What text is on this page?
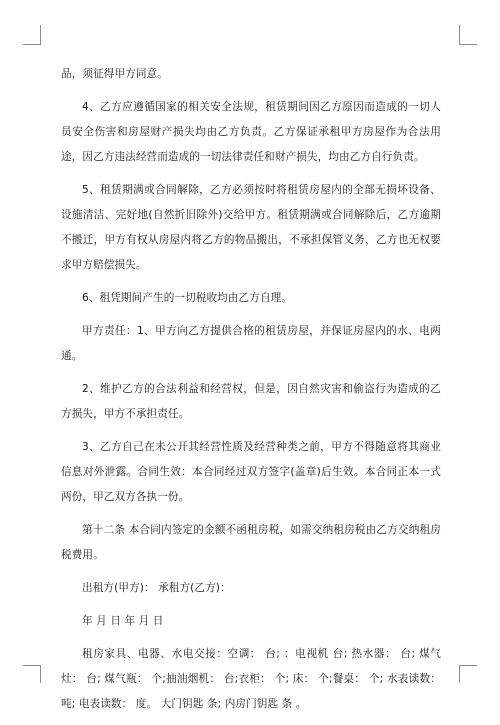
品，须征得甲方同意。

4、乙方应遵循国家的相关安全法规，租赁期间因乙方原因而造成的一切人员安全伤害和房屋财产损失均由乙方负责。乙方保证承租甲方房屋作为合法用途，因乙方违法经营而造成的一切法律责任和财产损失，均由乙方自行负责。

5、租赁期满或合同解除，乙方必须按时将租赁房屋内的全部无损坏设备、设施清洁、完好地(自然折旧除外)交给甲方。租赁期满或合同解除后，乙方逾期不搬迁，甲方有权从房屋内将乙方的物品搬出，不承担保管义务，乙方也无权要求甲方赔偿损失。

6、租凭期间产生的一切税收均由乙方自理。

甲方责任：1、甲方向乙方提供合格的租赁房屋，并保证房屋内的水、电两通。

2、维护乙方的合法利益和经营权，但是，因自然灾害和偷盗行为造成的乙方损失，甲方不承担责任。

3、乙方自己在未公开其经营性质及经营种类之前，甲方不得随意将其商业信息对外泄露。合同生效：本合同经过双方签字(盖章)后生效。本合同正本一式两份，甲乙双方各执一份。

第十二条 本合同内签定的金额不函租房税，如需交纳租房税由乙方交纳租房税费用。

出租方(甲方)： 承租方(乙方)：

年 月 日 年 月 日

租房家具、电器、水电交接：空调： 台; ：电视机 台; 热水器： 台; 煤气灶： 台; 煤气瓶： 个;抽油烟机： 台;衣柜： 个; 床： 个;餐桌： 个; 水表读数： 吨; 电表读数： 度。 大门钥匙 条; 内房门钥匙 条 。
